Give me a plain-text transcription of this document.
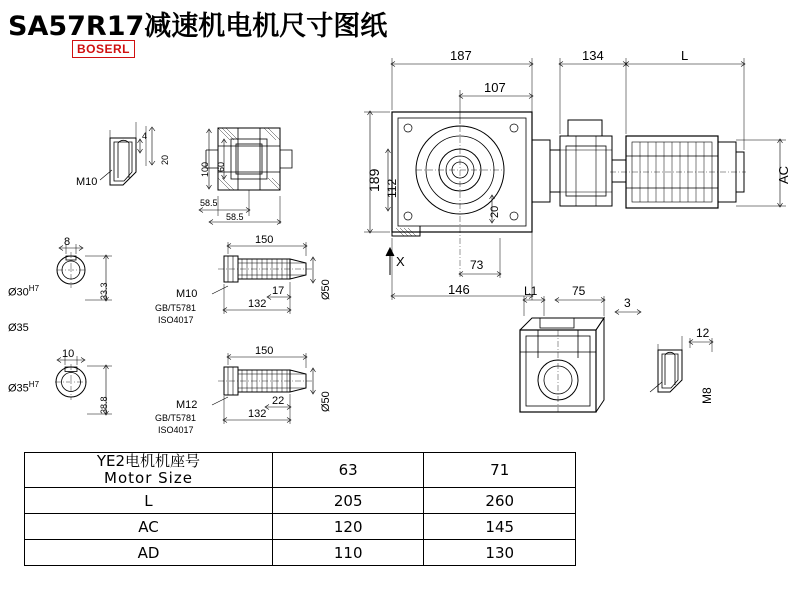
SA57R17减速机电机尺寸图纸
BOSERL
M10
20
4
100 60
58.5
58.5
8
$Ø30^{H7}$	33.3
Ø35
10
$Ø35^{H7}$
38.8
150
M10
GB/T5781
ISO4017
17
132
Ø50
150
M12
GB/T5781
ISO4017
22
132
Ø50
187
107
134	L
189 112
AC
20
73
146
X
L1	75
3
12
M8
YE2电机机座号
Motor Size	63	71
L	205	260
AC	120	145
AD	110	130
